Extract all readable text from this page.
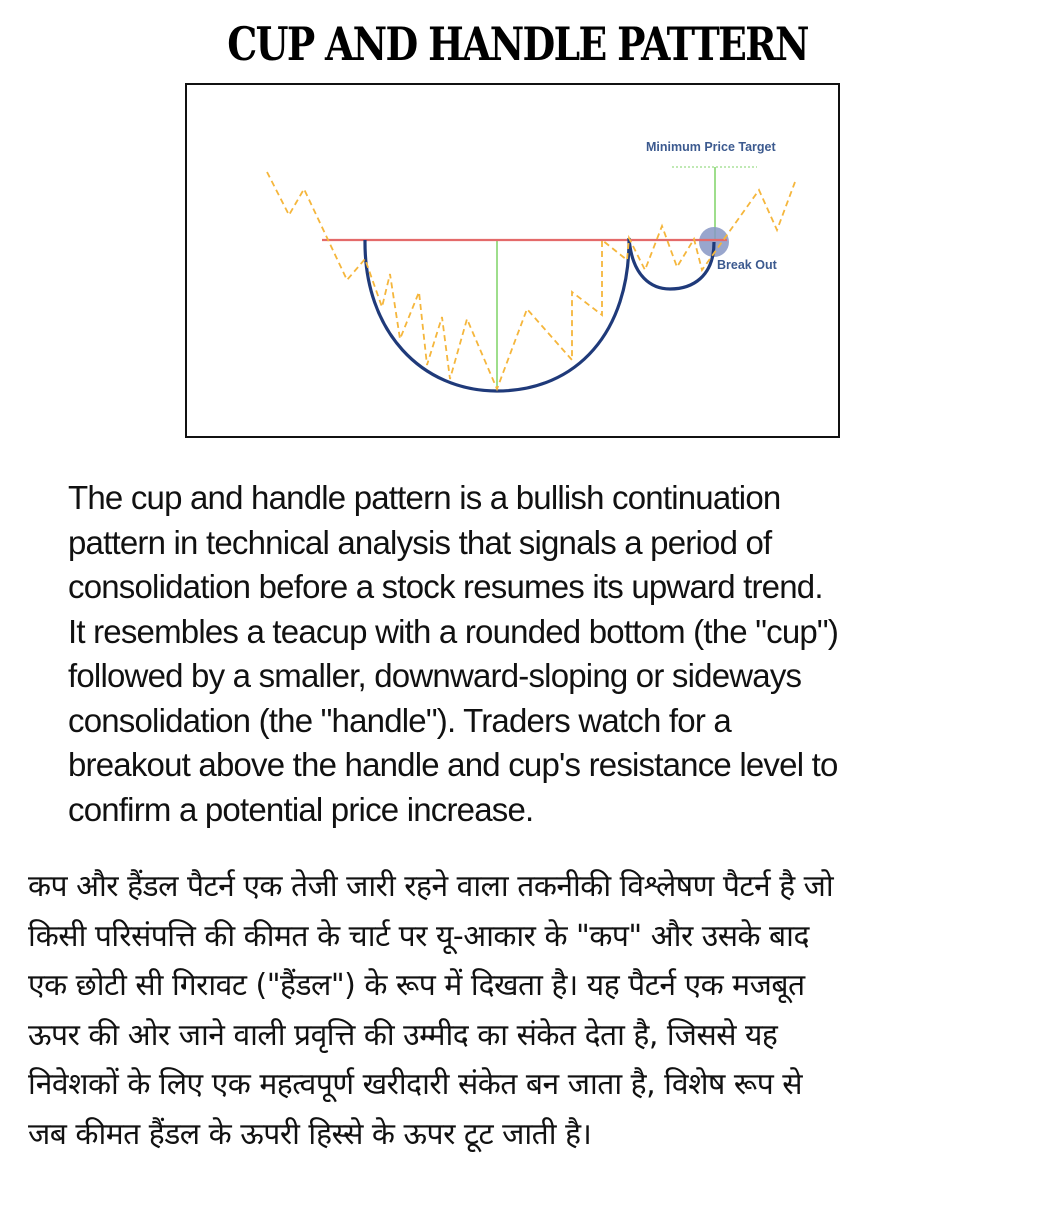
CUP AND HANDLE PATTERN
Minimum Price Target
Break Out
The cup and handle pattern is a bullish continuation
pattern in technical analysis that signals a period of
consolidation before a stock resumes its upward trend.
It resembles a teacup with a rounded bottom (the "cup")
followed by a smaller, downward-sloping or sideways
consolidation (the "handle"). Traders watch for a
breakout above the handle and cup's resistance level to
confirm a potential price increase.
कप और हैंडल पैटर्न एक तेजी जारी रहने वाला तकनीकी विश्लेषण पैटर्न है जो
किसी परिसंपत्ति की कीमत के चार्ट पर यू-आकार के "कप" और उसके बाद
एक छोटी सी गिरावट ("हैंडल") के रूप में दिखता है। यह पैटर्न एक मजबूत
ऊपर की ओर जाने वाली प्रवृत्ति की उम्मीद का संकेत देता है, जिससे यह
निवेशकों के लिए एक महत्वपूर्ण खरीदारी संकेत बन जाता है, विशेष रूप से
जब कीमत हैंडल के ऊपरी हिस्से के ऊपर टूट जाती है।
